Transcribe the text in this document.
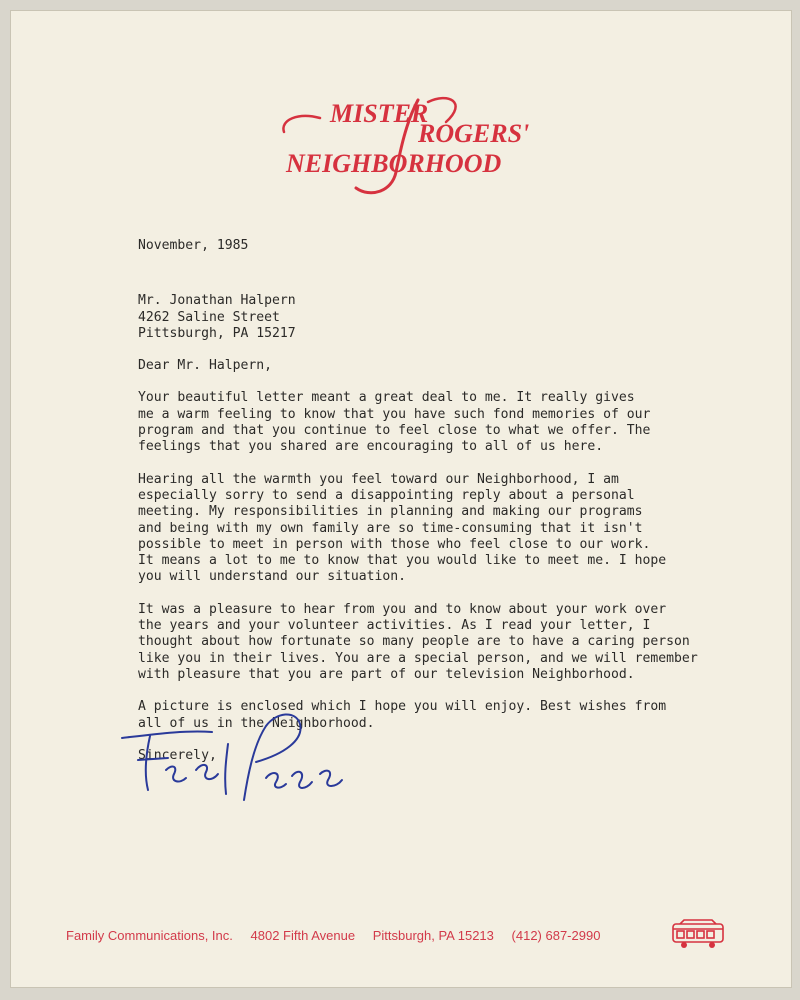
MISTER
ROGERS'
NEIGHBORHOOD

November, 1985

Mr. Jonathan Halpern
4262 Saline Street
Pittsburgh, PA 15217

Dear Mr. Halpern,

Your beautiful letter meant a great deal to me. It really gives
me a warm feeling to know that you have such fond memories of our
program and that you continue to feel close to what we offer. The
feelings that you shared are encouraging to all of us here.

Hearing all the warmth you feel toward our Neighborhood, I am
especially sorry to send a disappointing reply about a personal
meeting. My responsibilities in planning and making our programs
and being with my own family are so time-consuming that it isn't
possible to meet in person with those who feel close to our work.
It means a lot to me to know that you would like to meet me. I hope
you will understand our situation.

It was a pleasure to hear from you and to know about your work over
the years and your volunteer activities. As I read your letter, I
thought about how fortunate so many people are to have a caring person
like you in their lives. You are a special person, and we will remember
with pleasure that you are part of our television Neighborhood.

A picture is enclosed which I hope you will enjoy. Best wishes from
all of us in the Neighborhood.

Sincerely,

Family Communications, Inc. 4802 Fifth Avenue Pittsburgh, PA 15213 (412) 687-2990
